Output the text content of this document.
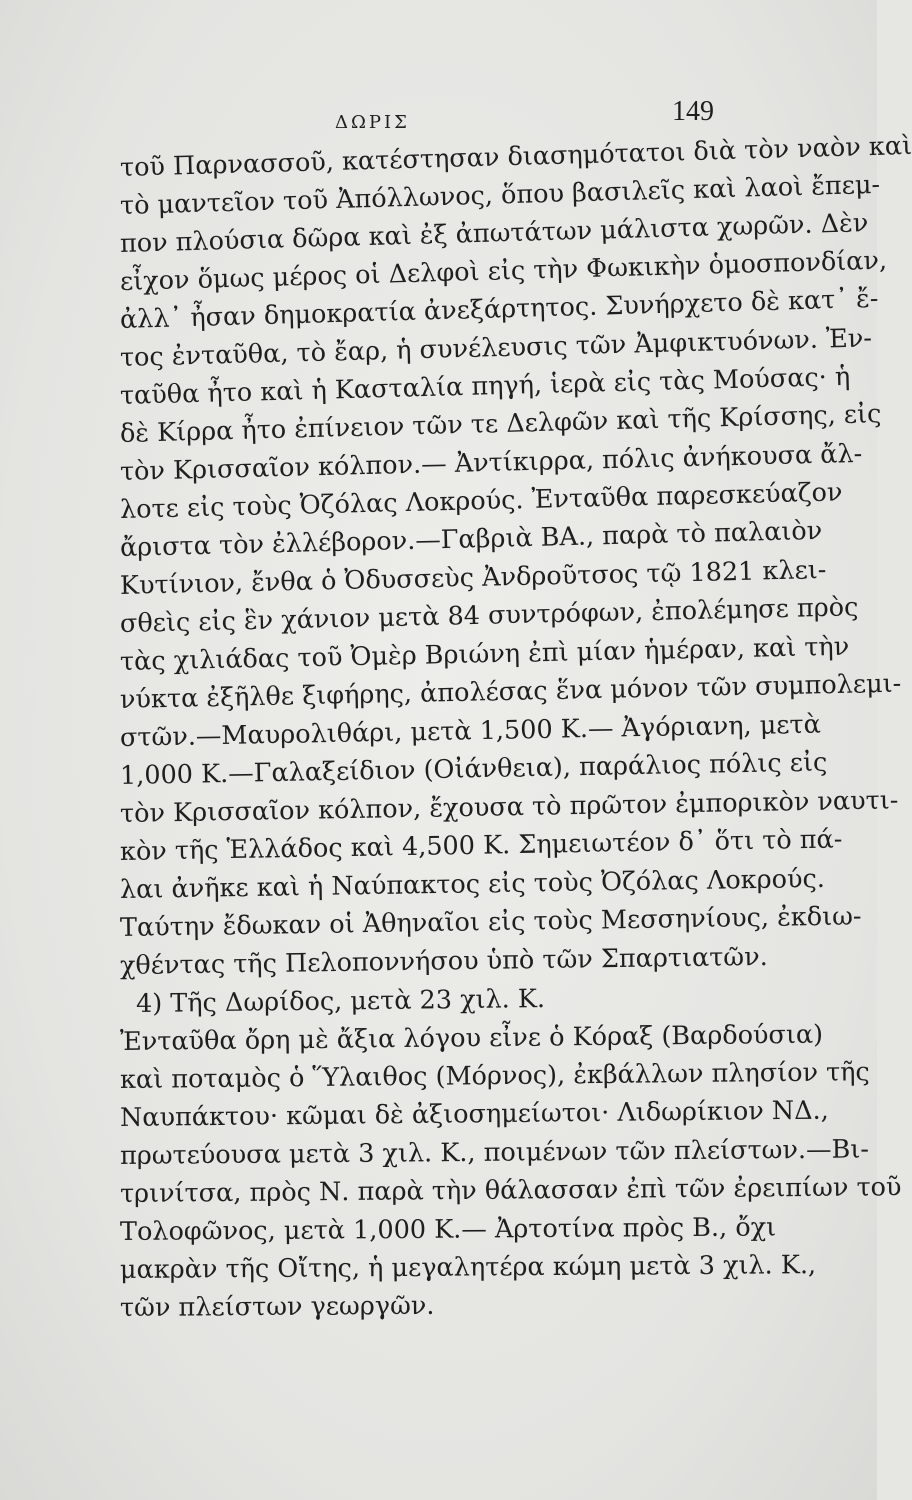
ΔΩΡΙΣ	149
τοῦ Παρνασσοῦ, κατέστησαν διασημότατοι διὰ τὸν ναὸν καὶ
τὸ μαντεῖον τοῦ Ἀπόλλωνος, ὅπου βασιλεῖς καὶ λαοὶ ἔπεμ-
πον πλούσια δῶρα καὶ ἐξ ἀπωτάτων μάλιστα χωρῶν. Δὲν
εἶχον ὅμως μέρος οἱ Δελφοὶ εἰς τὴν Φωκικὴν ὁμοσπονδίαν,
ἀλλ᾽ ἦσαν δημοκρατία ἀνεξάρτητος. Συνήρχετο δὲ κατ᾽ ἔ-
τος ἐνταῦθα, τὸ ἔαρ, ἡ συνέλευσις τῶν Ἀμφικτυόνων. Ἐν-
ταῦθα ἦτο καὶ ἡ Κασταλία πηγή, ἱερὰ εἰς τὰς Μούσας· ἡ
δὲ Κίρρα ἦτο ἐπίνειον τῶν τε Δελφῶν καὶ τῆς Κρίσσης, εἰς
τὸν Κρισσαῖον κόλπον.— Ἀντίκιρρα, πόλις ἀνήκουσα ἄλ-
λοτε εἰς τοὺς Ὀζόλας Λοκρούς. Ἐνταῦθα παρεσκεύαζον
ἄριστα τὸν ἐλλέβορον.—Γαβριὰ ΒΑ., παρὰ τὸ παλαιὸν
Κυτίνιον, ἔνθα ὁ Ὀδυσσεὺς Ἀνδροῦτσος τῷ 1821 κλει-
σθεὶς εἰς ἓν χάνιον μετὰ 84 συντρόφων, ἐπολέμησε πρὸς
τὰς χιλιάδας τοῦ Ὀμὲρ Βριώνη ἐπὶ μίαν ἡμέραν, καὶ τὴν
νύκτα ἐξῆλθε ξιφήρης, ἀπολέσας ἕνα μόνον τῶν συμπολεμι-
στῶν.—Μαυρολιθάρι, μετὰ 1,500 Κ.— Ἀγόριανη, μετὰ
1,000 Κ.—Γαλαξείδιον (Οἰάνθεια), παράλιος πόλις εἰς
τὸν Κρισσαῖον κόλπον, ἔχουσα τὸ πρῶτον ἐμπορικὸν ναυτι-
κὸν τῆς Ἑλλάδος καὶ 4,500 Κ. Σημειωτέον δ᾽ ὅτι τὸ πά-
λαι ἀνῆκε καὶ ἡ Ναύπακτος εἰς τοὺς Ὀζόλας Λοκρούς.
Ταύτην ἔδωκαν οἱ Ἀθηναῖοι εἰς τοὺς Μεσσηνίους, ἐκδιω-
χθέντας τῆς Πελοποννήσου ὑπὸ τῶν Σπαρτιατῶν.
4) Τῆς Δωρίδος, μετὰ 23 χιλ. Κ.
Ἐνταῦθα ὄρη μὲ ἄξια λόγου εἶνε ὁ Κόραξ (Βαρδούσια)
καὶ ποταμὸς ὁ Ὕλαιθος (Μόρνος), ἐκβάλλων πλησίον τῆς
Ναυπάκτου· κῶμαι δὲ ἀξιοσημείωτοι· Λιδωρίκιον ΝΔ.,
πρωτεύουσα μετὰ 3 χιλ. Κ., ποιμένων τῶν πλείστων.—Βι-
τρινίτσα, πρὸς Ν. παρὰ τὴν θάλασσαν ἐπὶ τῶν ἐρειπίων τοῦ
Τολοφῶνος, μετὰ 1,000 Κ.— Ἀρτοτίνα πρὸς Β., ὄχι
μακρὰν τῆς Οἴτης, ἡ μεγαλητέρα κώμη μετὰ 3 χιλ. Κ.,
τῶν πλείστων γεωργῶν.
